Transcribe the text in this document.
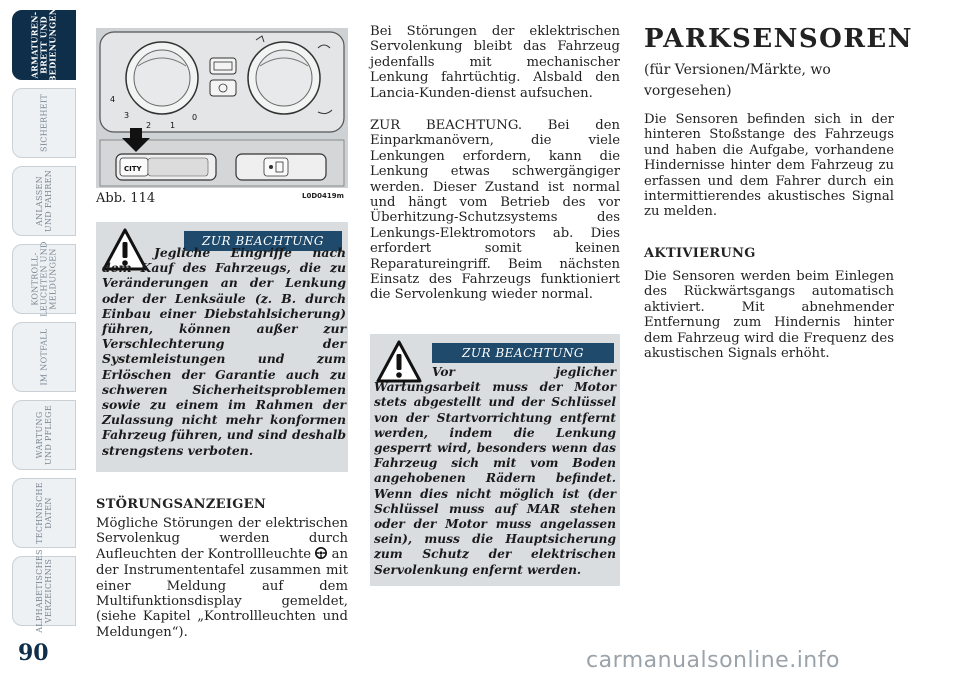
ARMATUREN-
BRETT UND
BEDIENUNGEN
SICHERHEIT
ANLASSEN
UND FAHREN
KONTROLL-
LEUCHTEN UND
MELDUNGEN
IM NOTFALL
WARTUNG
UND PFLEGE
TECHNISCHE
DATEN
ALPHABETISCHES
VERZEICHNIS
90
4
3
2 1
0
CITY
Abb. 114	L0D0419m
ZUR BEACHTUNG
Jegliche Eingriffe nach dem Kauf des Fahrzeugs, die zu Veränderungen an der Lenkung oder der Lenksäule (z. B. durch Einbau einer Diebstahlsicherung) führen, können außer zur Verschlechterung der Systemleistungen und zum Erlöschen der Garantie auch zu schweren Sicherheitsproblemen sowie zu einem im Rahmen der Zulassung nicht mehr konformen Fahrzeug führen, und sind deshalb strengstens verboten.
STÖRUNGSANZEIGEN
Mögliche Störungen der elektrischen Servolenkug werden durch Aufleuchten der Kontrollleuchte an der Instrumententafel zusammen mit einer Meldung auf dem Multifunktionsdisplay gemeldet, (siehe Kapitel „Kontrollleuchten und Meldungen“).
Bei Störungen der eklektrischen Servolenkung bleibt das Fahrzeug jedenfalls mit mechanischer Lenkung fahrtüchtig. Alsbald den Lancia-Kunden-dienst aufsuchen.
ZUR BEACHTUNG. Bei den Einparkmanövern, die viele Lenkungen erfordern, kann die Lenkung etwas schwergängiger werden. Dieser Zustand ist normal und hängt vom Betrieb des vor Überhitzung-Schutzsystems des Lenkungs-Elektromotors ab. Dies erfordert somit keinen Reparatureingriff. Beim nächsten Einsatz des Fahrzeugs funktioniert die Servolenkung wieder normal.
ZUR BEACHTUNG
Vor jeglicher Wartungsarbeit muss der Motor stets abgestellt und der Schlüssel von der Startvorrichtung entfernt werden, indem die Lenkung gesperrt wird, besonders wenn das Fahrzeug sich mit vom Boden angehobenen Rädern befindet. Wenn dies nicht möglich ist (der Schlüssel muss auf MAR stehen oder der Motor muss angelassen sein), muss die Hauptsicherung zum Schutz der elektrischen Servolenkung enfernt werden.
PARKSENSOREN
(für Versionen/Märkte, wo vorgesehen)
Die Sensoren befinden sich in der hinteren Stoßstange des Fahrzeugs und haben die Aufgabe, vorhandene Hindernisse hinter dem Fahrzeug zu erfassen und dem Fahrer durch ein intermittierendes akustisches Signal zu melden.
AKTIVIERUNG
Die Sensoren werden beim Einlegen des Rückwärtsgangs automatisch aktiviert. Mit abnehmender Entfernung zum Hindernis hinter dem Fahrzeug wird die Frequenz des akustischen Signals erhöht.
carmanualsonline.info
